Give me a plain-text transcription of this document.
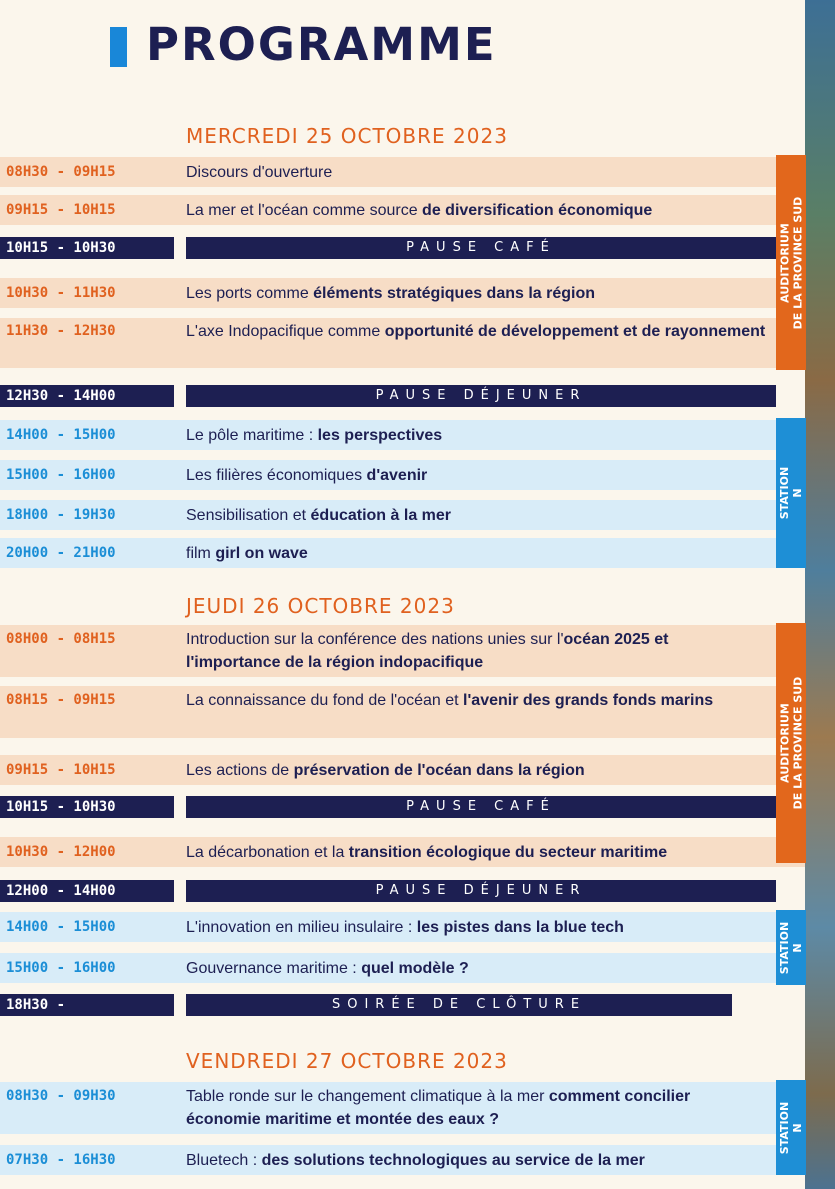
PROGRAMME
MERCREDI 25 OCTOBRE 2023
08H30 - 09H15	Discours d'ouverture
09H15 - 10H15	La mer et l'océan comme source de diversification économique
10H15 - 10H30	PAUSE CAFÉ
10H30 - 11H30	Les ports comme éléments stratégiques dans la région
11H30 - 12H30	L'axe Indopacifique comme opportunité de développement et de rayonnement
12H30 - 14H00	PAUSE DÉJEUNER
14H00 - 15H00	Le pôle maritime : les perspectives
15H00 - 16H00	Les filières économiques d'avenir
18H00 - 19H30	Sensibilisation et éducation à la mer
20H00 - 21H00	film girl on wave
AUDITORIUM DE LA PROVINCE SUD
STATION N
JEUDI 26 OCTOBRE 2023
08H00 - 08H15	Introduction sur la conférence des nations unies sur l'océan 2025 et l'importance de la région indopacifique
08H15 - 09H15	La connaissance du fond de l'océan et l'avenir des grands fonds marins
09H15 - 10H15	Les actions de préservation de l'océan dans la région
10H15 - 10H30	PAUSE CAFÉ
10H30 - 12H00	La décarbonation et la transition écologique du secteur maritime
12H00 - 14H00	PAUSE DÉJEUNER
14H00 - 15H00	L'innovation en milieu insulaire : les pistes dans la blue tech
15H00 - 16H00	Gouvernance maritime : quel modèle ?
18H30 -	SOIRÉE DE CLÔTURE
AUDITORIUM DE LA PROVINCE SUD
STATION N
VENDREDI 27 OCTOBRE 2023
08H30 - 09H30	Table ronde sur le changement climatique à la mer comment concilier économie maritime et montée des eaux ?
07H30 - 16H30	Bluetech : des solutions technologiques au service de la mer
STATION N
